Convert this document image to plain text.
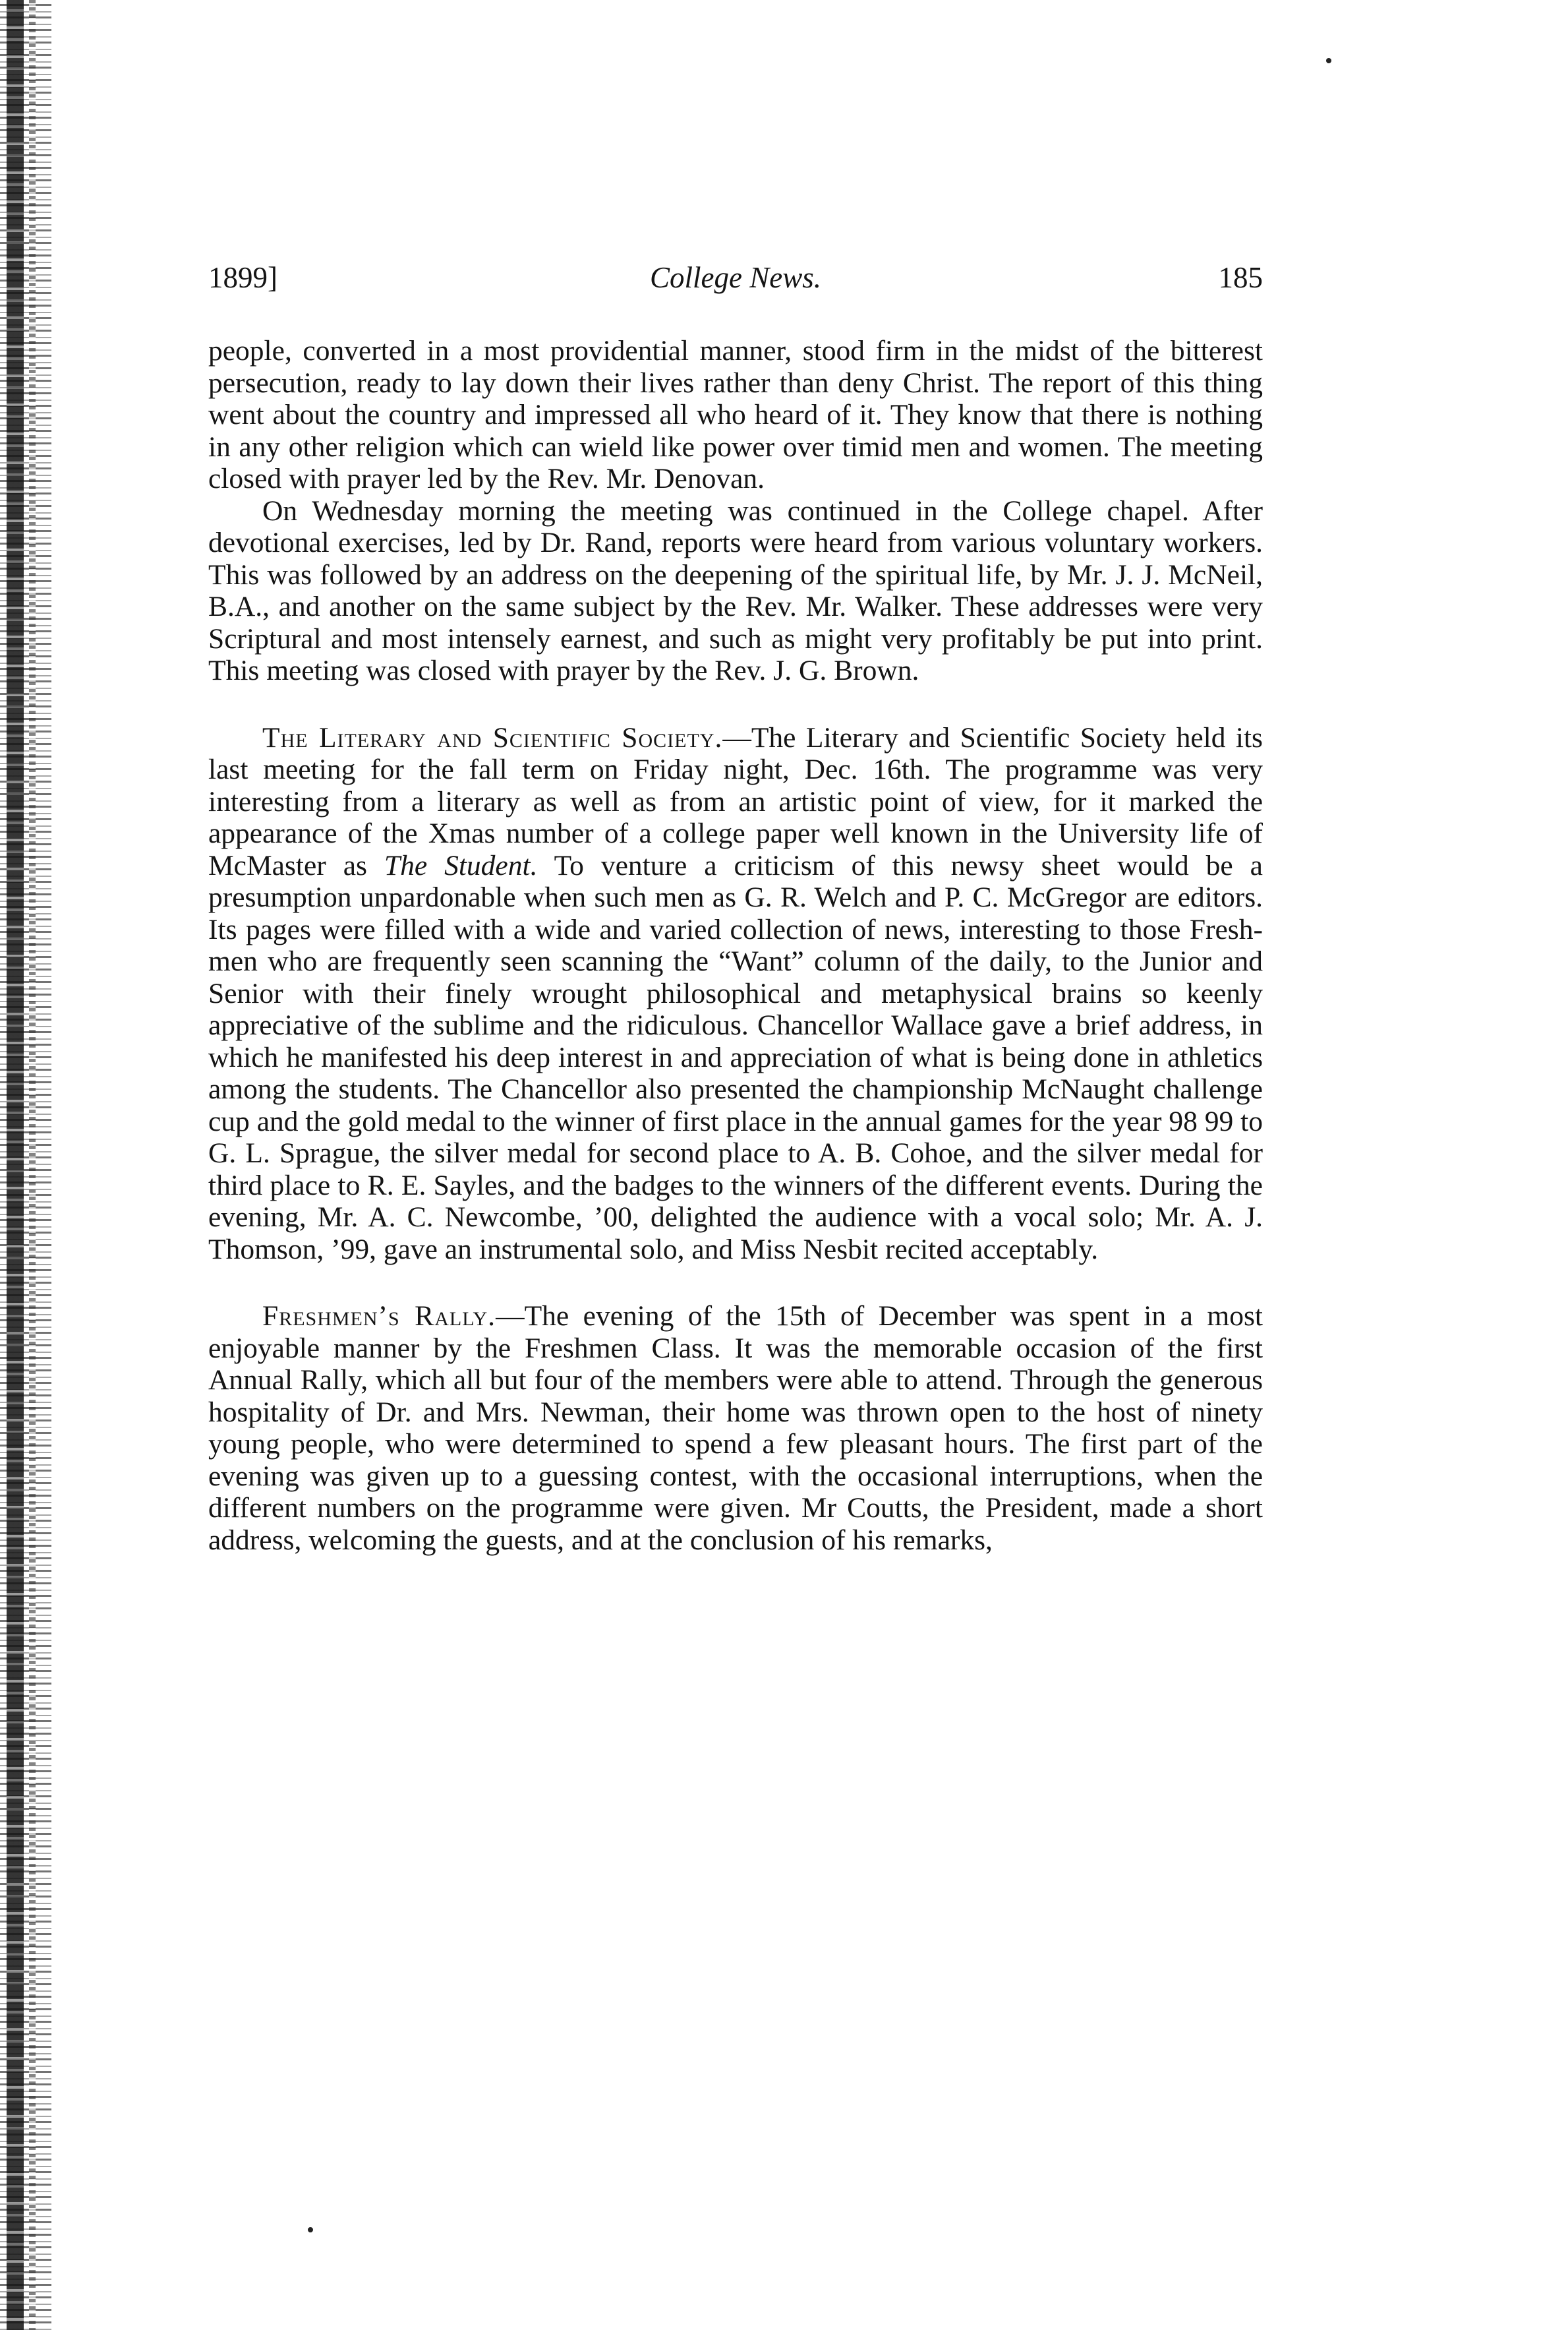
1899]	College News.	185

people, converted in a most providential manner, stood firm in the midst of the bitterest persecution, ready to lay down their lives rather than deny Christ. The report of this thing went about the country and impressed all who heard of it. They know that there is nothing in any other religion which can wield like power over timid men and women. The meeting closed with prayer led by the Rev. Mr. Denovan.

On Wednesday morning the meeting was continued in the College chapel. After devotional exercises, led by Dr. Rand, reports were heard from various voluntary workers. This was followed by an address on the deepening of the spiritual life, by Mr. J. J. McNeil, B.A., and another on the same subject by the Rev. Mr. Walker. These addresses were very Scriptural and most intensely earnest, and such as might very profitably be put into print. This meeting was closed with prayer by the Rev. J. G. Brown.

The Literary and Scientific Society.—The Literary and Scientific Society held its last meeting for the fall term on Friday night, Dec. 16th. The programme was very interesting from a literary as well as from an artistic point of view, for it marked the appearance of the Xmas number of a college paper well known in the University life of McMaster as The Student. To venture a criticism of this newsy sheet would be a presumption unpardonable when such men as G. R. Welch and P. C. McGregor are editors. Its pages were filled with a wide and varied collection of news, interesting to those Freshmen who are frequently seen scanning the “Want” column of the daily, to the Junior and Senior with their finely wrought philosophical and metaphysical brains so keenly appreciative of the sublime and the ridiculous. Chancellor Wallace gave a brief address, in which he manifested his deep interest in and appreciation of what is being done in athletics among the students. The Chancellor also presented the championship McNaught challenge cup and the gold medal to the winner of first place in the annual games for the year 98 99 to G. L. Sprague, the silver medal for second place to A. B. Cohoe, and the silver medal for third place to R. E. Sayles, and the badges to the winners of the different events. During the evening, Mr. A. C. Newcombe, ’00, delighted the audience with a vocal solo; Mr. A. J. Thomson, ’99, gave an instrumental solo, and Miss Nesbit recited acceptably.

Freshmen’s Rally.—The evening of the 15th of December was spent in a most enjoyable manner by the Freshmen Class. It was the memorable occasion of the first Annual Rally, which all but four of the members were able to attend. Through the generous hospitality of Dr. and Mrs. Newman, their home was thrown open to the host of ninety young people, who were determined to spend a few pleasant hours. The first part of the evening was given up to a guessing contest, with the occasional interruptions, when the different numbers on the programme were given. Mr Coutts, the President, made a short address, welcoming the guests, and at the conclusion of his remarks,
